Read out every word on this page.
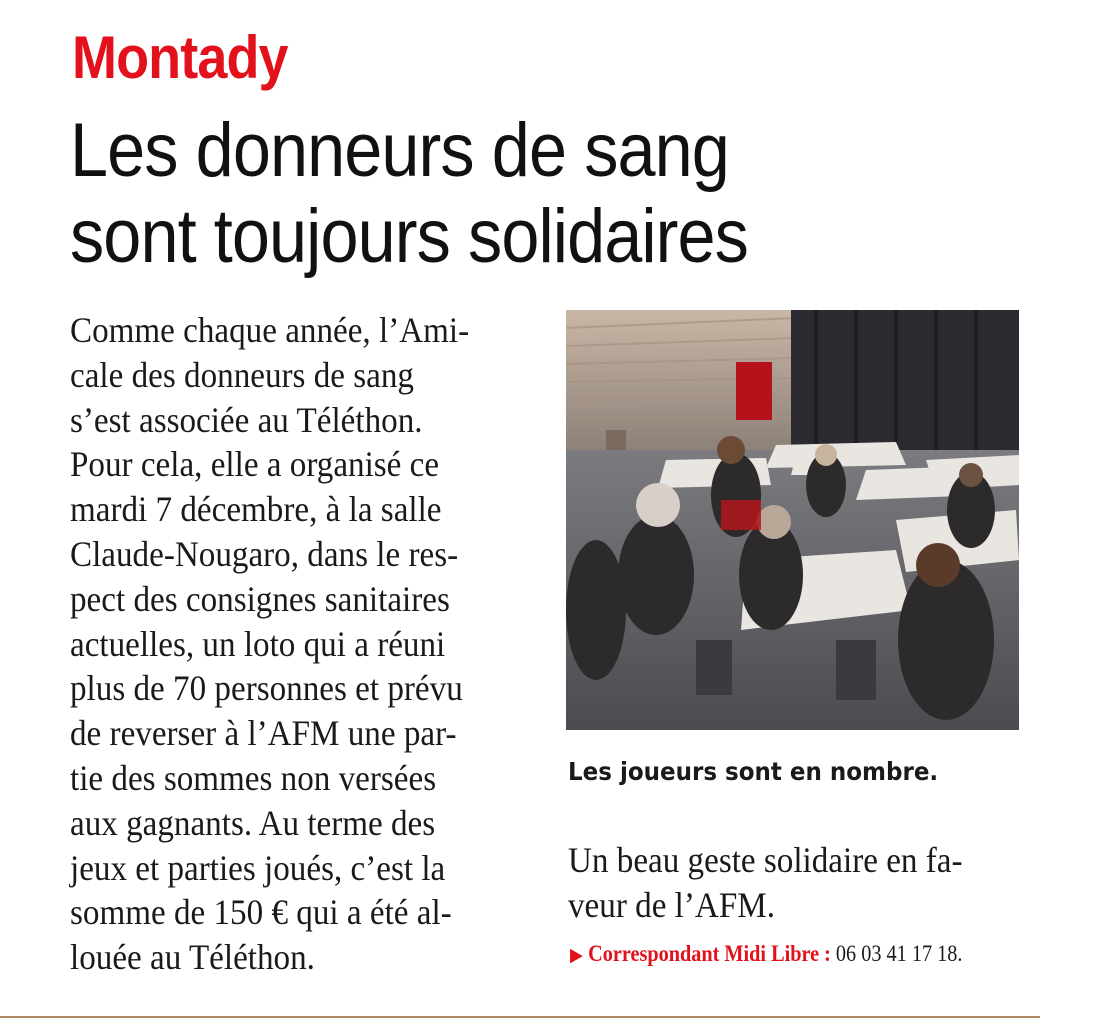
Montady
Les donneurs de sang
sont toujours solidaires
Comme chaque année, l’Ami-
cale des donneurs de sang
s’est associée au Téléthon.
Pour cela, elle a organisé ce
mardi 7 décembre, à la salle
Claude-Nougaro, dans le res-
pect des consignes sanitaires
actuelles, un loto qui a réuni
plus de 70 personnes et prévu
de reverser à l’AFM une par-
tie des sommes non versées
aux gagnants. Au terme des
jeux et parties joués, c’est la
somme de 150 € qui a été al-
louée au Téléthon.
Les joueurs sont en nombre.
Un beau geste solidaire en fa-
veur de l’AFM.
▶ Correspondant Midi Libre : 06 03 41 17 18.
